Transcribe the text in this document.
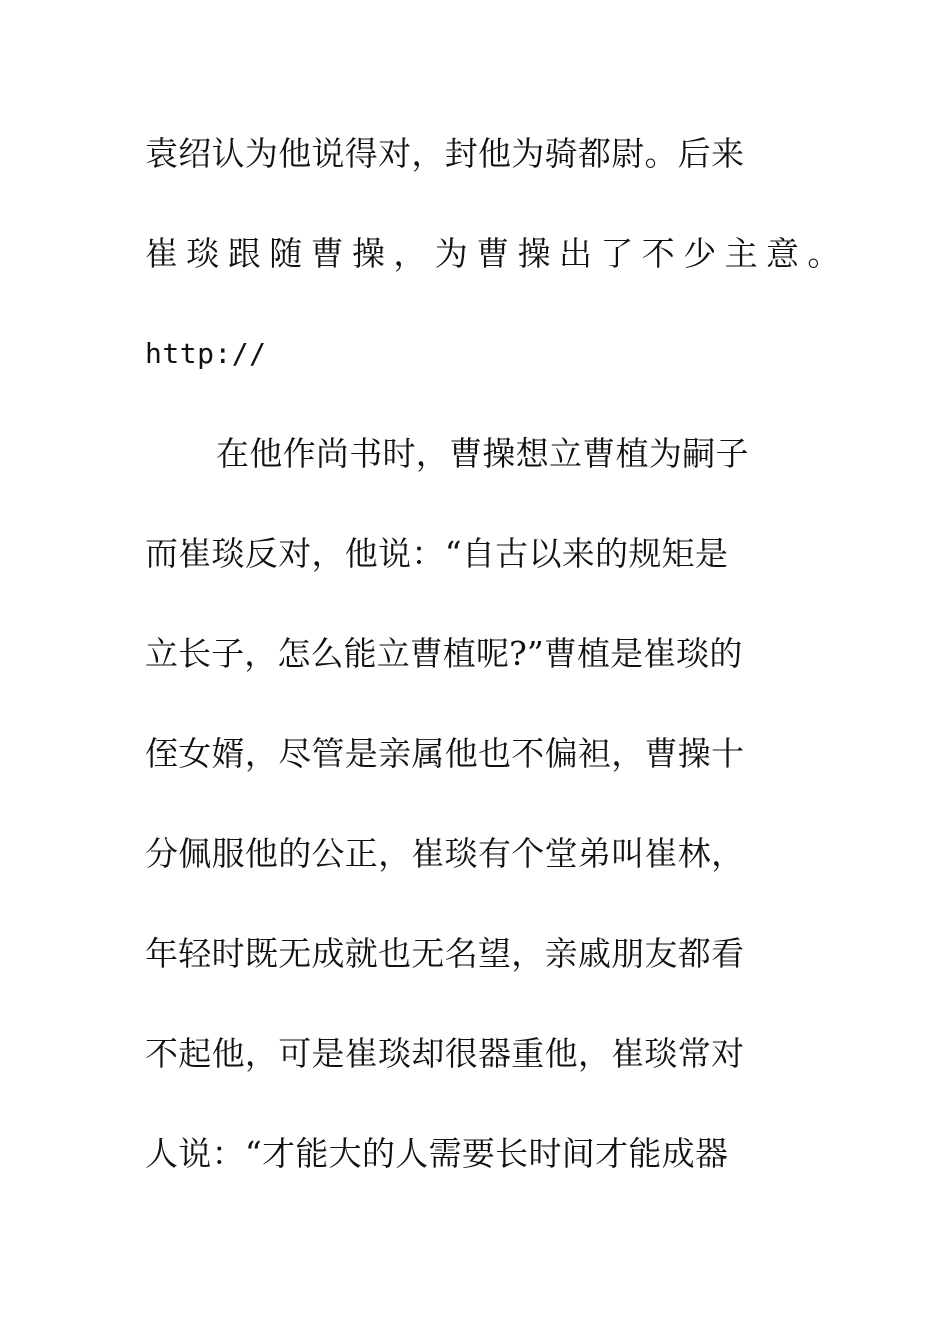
袁绍认为他说得对，封他为骑都尉。后来
崔琰跟随曹操，为曹操出了不少主意。
http://
在他作尚书时，曹操想立曹植为嗣子
而崔琰反对，他说：“自古以来的规矩是
立长子，怎么能立曹植呢?”曹植是崔琰的
侄女婿，尽管是亲属他也不偏袒，曹操十
分佩服他的公正，崔琰有个堂弟叫崔林，
年轻时既无成就也无名望，亲戚朋友都看
不起他，可是崔琰却很器重他，崔琰常对
人说：“才能大的人需要长时间才能成器
